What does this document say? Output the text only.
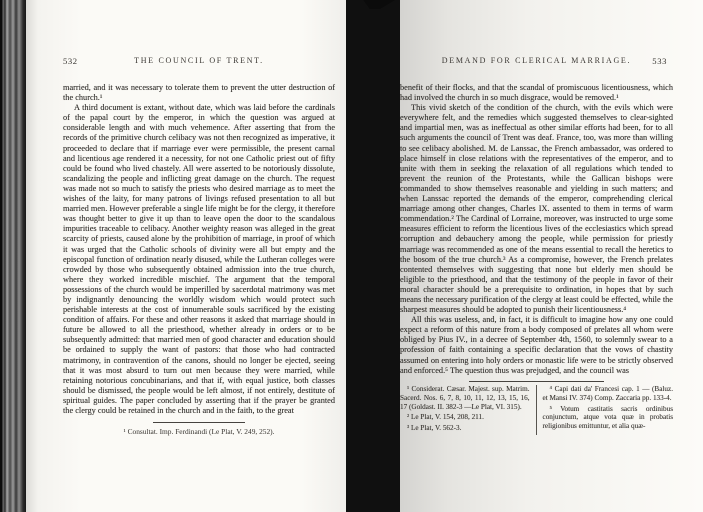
532	THE COUNCIL OF TRENT.

married, and it was necessary to tolerate them to prevent the utter destruction of the church.¹

A third document is extant, without date, which was laid before the cardinals of the papal court by the emperor, in which the question was argued at considerable length and with much vehemence. After asserting that from the records of the primitive church celibacy was not then recognized as imperative, it proceeded to declare that if marriage ever were permissible, the present carnal and licentious age rendered it a necessity, for not one Catholic priest out of fifty could be found who lived chastely. All were asserted to be notoriously dissolute, scandalizing the people and inflicting great damage on the church. The request was made not so much to satisfy the priests who desired marriage as to meet the wishes of the laity, for many patrons of livings refused presentation to all but married men. However preferable a single life might be for the clergy, it therefore was thought better to give it up than to leave open the door to the scandalous impurities traceable to celibacy. Another weighty reason was alleged in the great scarcity of priests, caused alone by the prohibition of marriage, in proof of which it was urged that the Catholic schools of divinity were all but empty and the episcopal function of ordination nearly disused, while the Lutheran colleges were crowded by those who subsequently obtained admission into the true church, where they worked incredible mischief. The argument that the temporal possessions of the church would be imperilled by sacerdotal matrimony was met by indignantly denouncing the worldly wisdom which would protect such perishable interests at the cost of innumerable souls sacrificed by the existing condition of affairs. For these and other reasons it asked that marriage should in future be allowed to all the priesthood, whether already in orders or to be subsequently admitted: that married men of good character and education should be ordained to supply the want of pastors: that those who had contracted matrimony, in contravention of the canons, should no longer be ejected, seeing that it was most absurd to turn out men because they were married, while retaining notorious concubinarians, and that if, with equal justice, both classes should be dismissed, the people would be left almost, if not entirely, destitute of spiritual guides. The paper concluded by asserting that if the prayer be granted the clergy could be retained in the church and in the faith, to the great

¹ Consultat. Imp. Ferdinandi (Le Plat, V. 249, 252).
DEMAND FOR CLERICAL MARRIAGE.	533

benefit of their flocks, and that the scandal of promiscuous licentiousness, which had involved the church in so much disgrace, would be removed.¹

This vivid sketch of the condition of the church, with the evils which were everywhere felt, and the remedies which suggested themselves to clear-sighted and impartial men, was as ineffectual as other similar efforts had been, for to all such arguments the council of Trent was deaf. France, too, was more than willing to see celibacy abolished. M. de Lanssac, the French ambassador, was ordered to place himself in close relations with the representatives of the emperor, and to unite with them in seeking the relaxation of all regulations which tended to prevent the reunion of the Protestants, while the Gallican bishops were commanded to show themselves reasonable and yielding in such matters; and when Lanssac reported the demands of the emperor, comprehending clerical marriage among other changes, Charles IX. assented to them in terms of warm commendation.² The Cardinal of Lorraine, moreover, was instructed to urge some measures efficient to reform the licentious lives of the ecclesiastics which spread corruption and debauchery among the people, while permission for priestly marriage was recommended as one of the means essential to recall the heretics to the bosom of the true church.³ As a compromise, however, the French prelates contented themselves with suggesting that none but elderly men should be eligible to the priesthood, and that the testimony of the people in favor of their moral character should be a prerequisite to ordination, in hopes that by such means the necessary purification of the clergy at least could be effected, while the sharpest measures should be adopted to punish their licentiousness.⁴

All this was useless, and, in fact, it is difficult to imagine how any one could expect a reform of this nature from a body composed of prelates all whom were obliged by Pius IV., in a decree of September 4th, 1560, to solemnly swear to a profession of faith containing a specific declaration that the vows of chastity assumed on entering into holy orders or monastic life were to be strictly observed and enforced.⁵ The question thus was prejudged, and the council was

¹ Considerat. Cæsar. Majest. sup. Matrim. Sacerd. Nos. 6, 7, 8, 10, 11, 12, 13, 15, 16, 17 (Goldast. II. 382-3 —Le Plat, VI. 315).

² Le Plat, V. 154, 208, 211.

³ Le Plat, V. 562-3.

⁴ Capi dati da' Francesi cap. 1 — (Baluz. et Mansi IV. 374) Comp. Zaccaria pp. 133-4.

⁵ Votum castitatis sacris ordinibus conjunctum, atque vota quæ in probatis religionibus emittuntur, et alia quæ-
